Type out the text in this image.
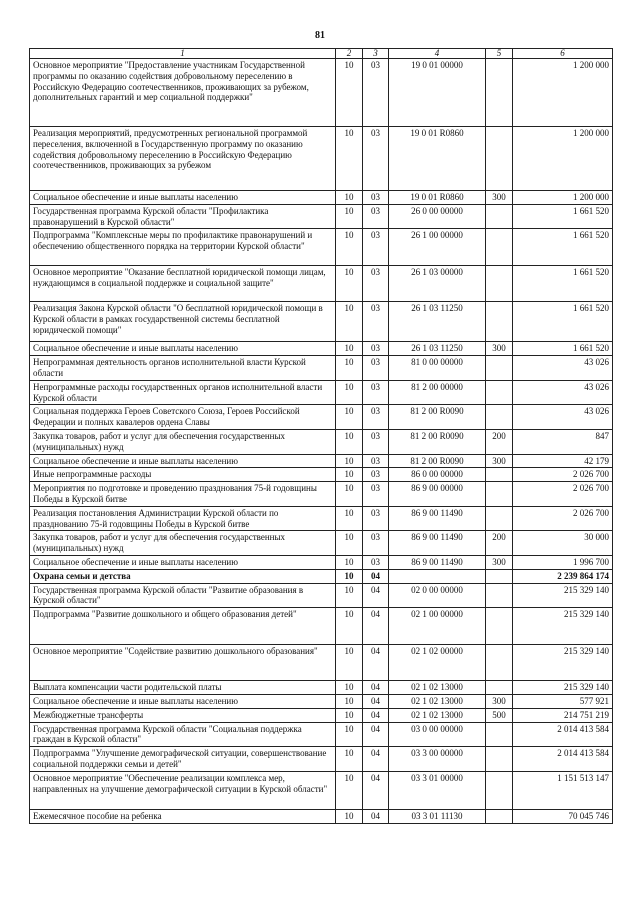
81
1	2	3	4	5	6
Основное мероприятие "Предоставление участникам Государственной программы по оказанию содействия добровольному переселению в Российскую Федерацию соотечественников, проживающих за рубежом, дополнительных гарантий и мер социальной поддержки"	10	03	19 0 01 00000		1 200 000
Реализация мероприятий, предусмотренных региональной программой переселения, включенной в Государственную программу по оказанию содействия добровольному переселению в Российскую Федерацию соотечественников, проживающих за рубежом	10	03	19 0 01 R0860		1 200 000
Социальное обеспечение и иные выплаты населению	10	03	19 0 01 R0860	300	1 200 000
Государственная программа Курской области "Профилактика правонарушений в Курской области"	10	03	26 0 00 00000		1 661 520
Подпрограмма "Комплексные меры по профилактике правонарушений и обеспечению общественного порядка на территории Курской области"	10	03	26 1 00 00000		1 661 520
Основное мероприятие "Оказание бесплатной юридической помощи лицам, нуждающимся в социальной поддержке и социальной защите"	10	03	26 1 03 00000		1 661 520
Реализация Закона Курской области "О бесплатной юридической помощи в Курской области в рамках государственной системы бесплатной юридической помощи"	10	03	26 1 03 11250		1 661 520
Социальное обеспечение и иные выплаты населению	10	03	26 1 03 11250	300	1 661 520
Непрограммная деятельность органов исполнительной власти Курской области	10	03	81 0 00 00000		43 026
Непрограммные расходы государственных органов исполнительной власти Курской области	10	03	81 2 00 00000		43 026
Социальная поддержка Героев Советского Союза, Героев Российской Федерации и полных кавалеров ордена Славы	10	03	81 2 00 R0090		43 026
Закупка товаров, работ и услуг для обеспечения государственных (муниципальных) нужд	10	03	81 2 00 R0090	200	847
Социальное обеспечение и иные выплаты населению	10	03	81 2 00 R0090	300	42 179
Иные непрограммные расходы	10	03	86 0 00 00000		2 026 700
Мероприятия по подготовке и проведению празднования 75-й годовщины Победы в Курской битве	10	03	86 9 00 00000		2 026 700
Реализация постановления Администрации Курской области по празднованию 75-й годовщины Победы в Курской битве	10	03	86 9 00 11490		2 026 700
Закупка товаров, работ и услуг для обеспечения государственных (муниципальных) нужд	10	03	86 9 00 11490	200	30 000
Социальное обеспечение и иные выплаты населению	10	03	86 9 00 11490	300	1 996 700
Охрана семьи и детства	10	04			2 239 864 174
Государственная программа Курской области "Развитие образования в Курской области"	10	04	02 0 00 00000		215 329 140
Подпрограмма "Развитие дошкольного и общего образования детей"	10	04	02 1 00 00000		215 329 140
Основное мероприятие "Содействие развитию дошкольного образования"	10	04	02 1 02 00000		215 329 140
Выплата компенсации части родительской платы	10	04	02 1 02 13000		215 329 140
Социальное обеспечение и иные выплаты населению	10	04	02 1 02 13000	300	577 921
Межбюджетные трансферты	10	04	02 1 02 13000	500	214 751 219
Государственная программа Курской области "Социальная поддержка граждан в Курской области"	10	04	03 0 00 00000		2 014 413 584
Подпрограмма "Улучшение демографической ситуации, совершенствование социальной поддержки семьи и детей"	10	04	03 3 00 00000		2 014 413 584
Основное мероприятие "Обеспечение реализации комплекса мер, направленных на улучшение демографической ситуации в Курской области"	10	04	03 3 01 00000		1 151 513 147
Ежемесячное пособие на ребенка	10	04	03 3 01 11130		70 045 746
